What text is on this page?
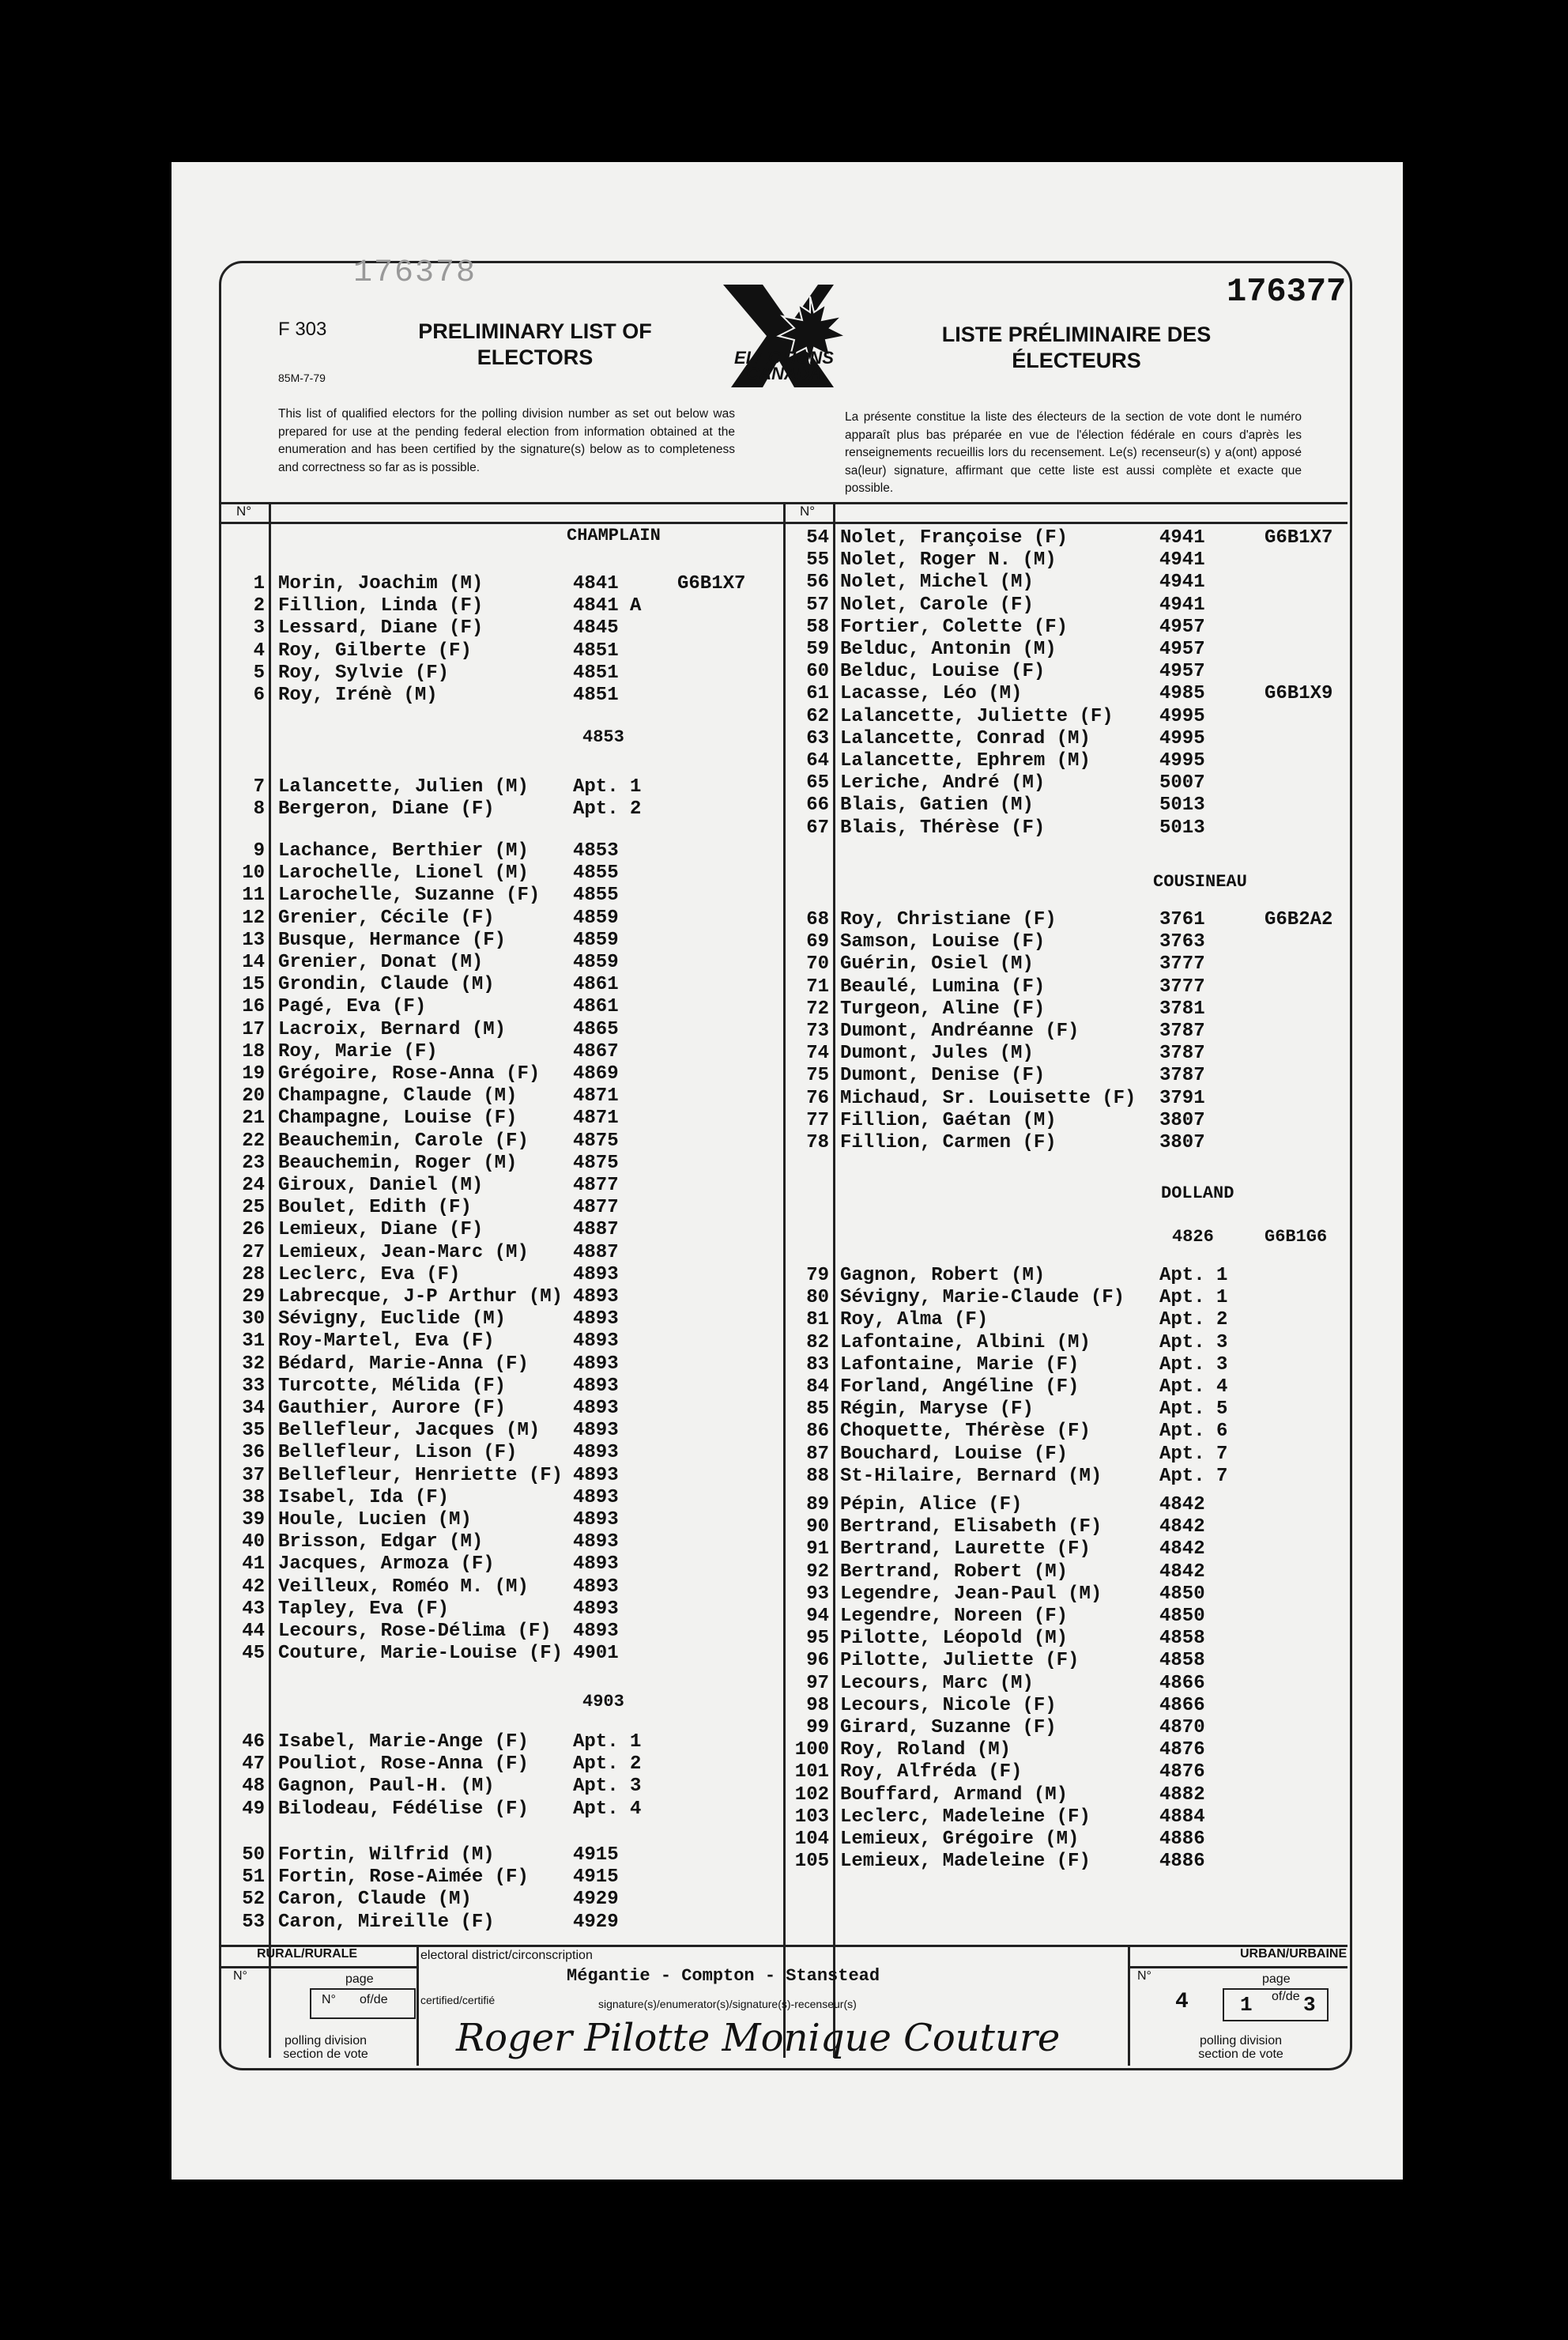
176378	176377
F 303
85M-7-79
PRELIMINARY LIST OF ELECTORS
LISTE PRÉLIMINAIRE DES ÉLECTEURS
ELECTIONS CANADA
This list of qualified electors for the polling division number as set out below was prepared for use at the pending federal election from information obtained at the enumeration and has been certified by the signature(s) below as to completeness and correctness so far as is possible.
La présente constitue la liste des électeurs de la section de vote dont le numéro apparaît plus bas préparée en vue de l'élection fédérale en cours d'après les renseignements recueillis lors du recensement. Le(s) recenseur(s) y a(ont) apposé sa(leur) signature, affirmant que cette liste est aussi complète et exacte que possible.
N°	N°
CHAMPLAIN
4853
4903
COUSINEAU
DOLLAND
4826	G6B1G6
1 Morin, Joachim (M)	4841	G6B1X7
2 Fillion, Linda (F)	4841 A
3 Lessard, Diane (F)	4845
4 Roy, Gilberte (F)	4851
5 Roy, Sylvie (F)	4851
6 Roy, Irénè (M)	4851
7 Lalancette, Julien (M) Apt. 1
8 Bergeron, Diane (F)	Apt. 2
9 Lachance, Berthier (M) 4853
10 Larochelle, Lionel (M) 4855
11 Larochelle, Suzanne (F) 4855
12 Grenier, Cécile (F)	4859
13 Busque, Hermance (F)	4859
14 Grenier, Donat (M)	4859
15 Grondin, Claude (M)	4861
16 Pagé, Eva (F)	4861
17 Lacroix, Bernard (M)	4865
18 Roy, Marie (F)	4867
19 Grégoire, Rose-Anna (F) 4869
20 Champagne, Claude (M)	4871
21 Champagne, Louise (F)	4871
22 Beauchemin, Carole (F) 4875
23 Beauchemin, Roger (M)	4875
24 Giroux, Daniel (M)	4877
25 Boulet, Edith (F)	4877
26 Lemieux, Diane (F)	4887
27 Lemieux, Jean-Marc (M) 4887
28 Leclerc, Eva (F)	4893
29 Labrecque, J-P Arthur (M) 4893
30 Sévigny, Euclide (M)	4893
31 Roy-Martel, Eva (F)	4893
32 Bédard, Marie-Anna (F) 4893
33 Turcotte, Mélida (F)	4893
34 Gauthier, Aurore (F)	4893
35 Bellefleur, Jacques (M) 4893
36 Bellefleur, Lison (F)	4893
37 Bellefleur, Henriette (F) 4893
38 Isabel, Ida (F)	4893
39 Houle, Lucien (M)	4893
40 Brisson, Edgar (M)	4893
41 Jacques, Armoza (F)	4893
42 Veilleux, Roméo M. (M) 4893
43 Tapley, Eva (F)	4893
44 Lecours, Rose-Délima (F) 4893
45 Couture, Marie-Louise (F) 4901
46 Isabel, Marie-Ange (F) Apt. 1
47 Pouliot, Rose-Anna (F) Apt. 2
48 Gagnon, Paul-H. (M)	Apt. 3
49 Bilodeau, Fédélise (F) Apt. 4
50 Fortin, Wilfrid (M)	4915
51 Fortin, Rose-Aimée (F) 4915
52 Caron, Claude (M)	4929
53 Caron, Mireille (F)	4929
54 Nolet, Françoise (F)	4941	G6B1X7
55 Nolet, Roger N. (M)	4941
56 Nolet, Michel (M)	4941
57 Nolet, Carole (F)	4941
58 Fortier, Colette (F)	4957
59 Belduc, Antonin (M)	4957
60 Belduc, Louise (F)	4957
61 Lacasse, Léo (M)	4985	G6B1X9
62 Lalancette, Juliette (F) 4995
63 Lalancette, Conrad (M)	4995
64 Lalancette, Ephrem (M)	4995
65 Leriche, André (M)	5007
66 Blais, Gatien (M)	5013
67 Blais, Thérèse (F)	5013
68 Roy, Christiane (F)	3761	G6B2A2
69 Samson, Louise (F)	3763
70 Guérin, Osiel (M)	3777
71 Beaulé, Lumina (F)	3777
72 Turgeon, Aline (F)	3781
73 Dumont, Andréanne (F)	3787
74 Dumont, Jules (M)	3787
75 Dumont, Denise (F)	3787
76 Michaud, Sr. Louisette (F) 3791
77 Fillion, Gaétan (M)	3807
78 Fillion, Carmen (F)	3807
79 Gagnon, Robert (M)	Apt. 1
80 Sévigny, Marie-Claude (F) Apt. 1
81 Roy, Alma (F)	Apt. 2
82 Lafontaine, Albini (M)	Apt. 3
83 Lafontaine, Marie (F)	Apt. 3
84 Forland, Angéline (F)	Apt. 4
85 Régin, Maryse (F)	Apt. 5
86 Choquette, Thérèse (F)	Apt. 6
87 Bouchard, Louise (F)	Apt. 7
88 St-Hilaire, Bernard (M)	Apt. 7
89 Pépin, Alice (F)	4842
90 Bertrand, Elisabeth (F)	4842
91 Bertrand, Laurette (F)	4842
92 Bertrand, Robert (M)	4842
93 Legendre, Jean-Paul (M)	4850
94 Legendre, Noreen (F)	4850
95 Pilotte, Léopold (M)	4858
96 Pilotte, Juliette (F)	4858
97 Lecours, Marc (M)	4866
98 Lecours, Nicole (F)	4866
99 Girard, Suzanne (F)	4870
100 Roy, Roland (M)	4876
101 Roy, Alfréda (F)	4876
102 Bouffard, Armand (M)	4882
103 Leclerc, Madeleine (F)	4884
104 Lemieux, Grégoire (M)	4886
105 Lemieux, Madeleine (F)	4886
RURAL/RURALE	URBAN/URBAINE
electoral district/circonscription
Mégantie - Compton - Stanstead
N°	page
N° of/de
polling division section de vote
N°	page
4	1 of/de 3
polling division section de vote
certified/certifié	signature(s)/enumerator(s)/signature(s)-recenseur(s)
Roger Pilotte Monique Couture
